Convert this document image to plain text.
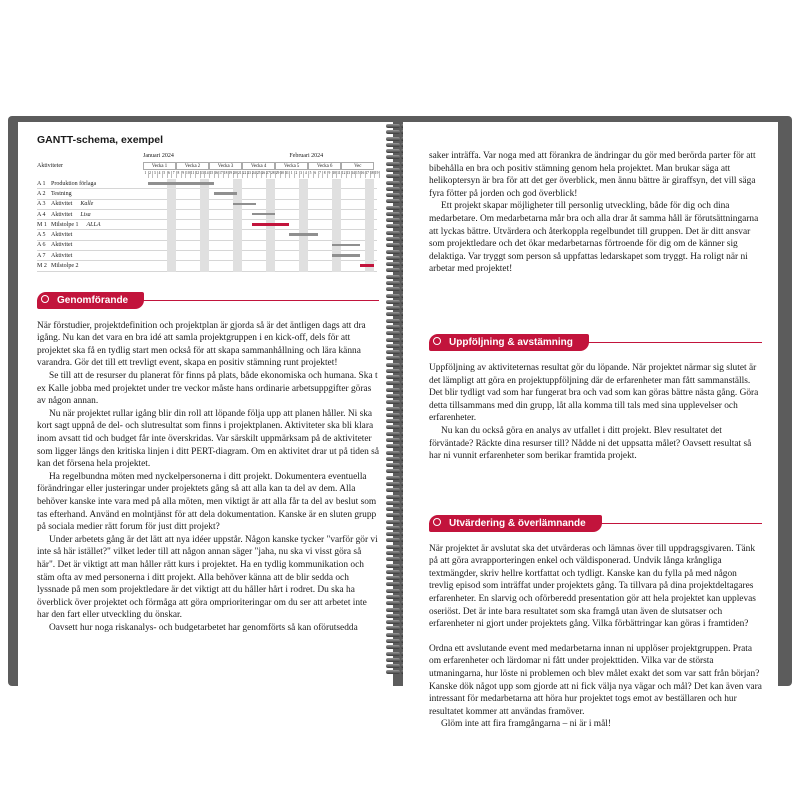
GANTT-schema, exempel
Januari 2024	Februari 2024
Aktiviteter	Vecka 1	Vecka 2	Vecka 3	Vecka 4	Vecka 5	Vecka 6	Vec
1 2 3 4 5 6 7 8 9 10 11 12 13 14 15 16 17 18 19 20 21 22 23 24 25 26 27 28 29 30 31 1 2 3 4 5 6 7 8 9 10 11 12 13 14 15 16 17 18 19
A 1 Produktion förlaga
A 2 Testning
A 3 Aktivitet Kalle
A 4 Aktivitet Lisa
M 1 Milstolpe 1 ALLA
A 5 Aktivitet
A 6 Aktivitet
A 7 Aktivitet
M 2 Milstolpe 2
Genomförande

När förstudier, projektdefinition och projektplan är gjorda så är det äntligen dags att dra igång. Nu kan det vara en bra idé att samla projektgruppen i en kick-off, dels för att projektet ska få en tydlig start men också för att skapa sammanhållning och lära känna varandra. Gör det till ett trevligt event, skapa en positiv stämning runt projektet!

Se till att de resurser du planerat för finns på plats, både ekonomiska och humana. Ska t ex Kalle jobba med projektet under tre veckor måste hans ordinarie arbetsuppgifter göras av någon annan.

Nu när projektet rullar igång blir din roll att löpande följa upp att planen håller. Ni ska kort sagt uppnå de del- och slutresultat som finns i projektplanen. Aktiviteter ska bli klara inom avsatt tid och budget får inte överskridas. Var särskilt uppmärksam på de aktiviteter som ligger längs den kritiska linjen i ditt PERT-diagram. Om en aktivitet drar ut på tiden så kan det försena hela projektet.

Ha regelbundna möten med nyckelpersonerna i ditt projekt. Dokumentera eventuella förändringar eller justeringar under projektets gång så att alla kan ta del av dem. Alla behöver kanske inte vara med på alla möten, men viktigt är att alla får ta del av beslut som tas efterhand. Använd en molntjänst för att dela dokumentation. Kanske är en sluten grupp på sociala medier rätt forum för just ditt projekt?

Under arbetets gång är det lätt att nya idéer uppstår. Någon kanske tycker "varför gör vi inte så här istället?" vilket leder till att någon annan säger "jaha, nu ska vi visst göra så här". Det är viktigt att man håller rätt kurs i projektet. Ha en tydlig kommunikation och stäm ofta av med personerna i ditt projekt. Alla behöver känna att de blir sedda och lyssnade på men som projektledare är det viktigt att du håller hårt i rodret. Du ska ha överblick över projektet och förmåga att göra omprioriteringar om du ser att arbetet inte har den fart eller utveckling du önskar.

Oavsett hur noga riskanalys- och budgetarbetet har genomförts så kan oförutsedda

saker inträffa. Var noga med att förankra de ändringar du gör med berörda parter för att bibehålla en bra och positiv stämning genom hela projektet. Man brukar säga att helikoptersyn är bra för att det ger överblick, men ännu bättre är giraffsyn, det vill säga fyra fötter på jorden och god överblick!

Ett projekt skapar möjligheter till personlig utveckling, både för dig och dina medarbetare. Om medarbetarna mår bra och alla drar åt samma håll är förutsättningarna att lyckas bättre. Utvärdera och återkoppla regelbundet till gruppen. Det är ditt ansvar som projektledare och det ökar medarbetarnas förtroende för dig om de känner sig delaktiga. Var tryggt som person så uppfattas ledarskapet som tryggt. Ha roligt när ni arbetar med projektet!

Uppföljning & avstämning

Uppföljning av aktiviteternas resultat gör du löpande. När projektet närmar sig slutet är det lämpligt att göra en projektuppföljning där de erfarenheter man fått sammanställs. Det blir tydligt vad som har fungerat bra och vad som kan göras bättre nästa gång. Göra detta tillsammans med din grupp, låt alla komma till tals med sina upplevelser och erfarenheter.

Nu kan du också göra en analys av utfallet i ditt projekt. Blev resultatet det förväntade? Räckte dina resurser till? Nådde ni det uppsatta målet? Oavsett resultat så har ni vunnit erfarenheter som berikar framtida projekt.

Utvärdering & överlämnande

När projektet är avslutat ska det utvärderas och lämnas över till uppdragsgivaren. Tänk på att göra avrapporteringen enkel och väldisponerad. Undvik långa krångliga textmängder, skriv hellre kortfattat och tydligt. Kanske kan du fylla på med någon trevlig episod som inträffat under projektets gång. Ta tillvara på dina projektdeltagares erfarenheter. En slarvig och oförberedd presentation gör att hela projektet kan upplevas oseriöst. Det är inte bara resultatet som ska framgå utan även de slutsatser och erfarenheter ni gjort under projektets gång. Vilka förbättringar kan göras i framtiden?

Ordna ett avslutande event med medarbetarna innan ni upplöser projektgruppen. Prata om erfarenheter och lärdomar ni fått under projekttiden. Vilka var de största utmaningarna, hur löste ni problemen och blev målet exakt det som var satt från början? Kanske dök något upp som gjorde att ni fick välja nya vägar och mål? Det kan även vara intressant för medarbetarna att höra hur projektet togs emot av beställaren och hur resultatet kommer att användas framöver.

Glöm inte att fira framgångarna – ni är i mål!
